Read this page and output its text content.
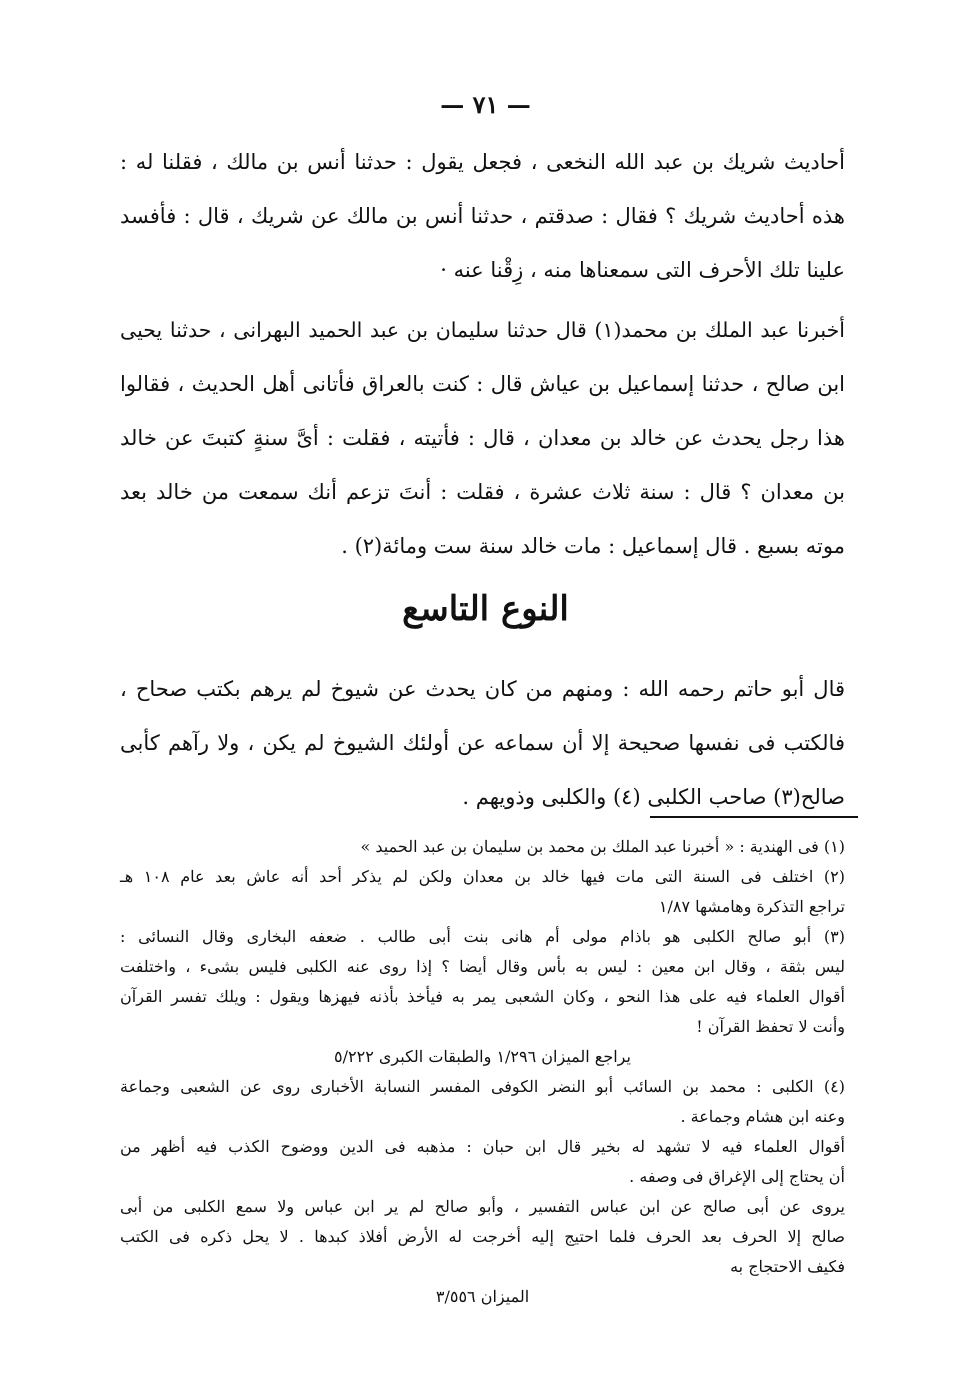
— ٧١ —
أحاديث شريك بن عبد الله النخعى ، فجعل يقول : حدثنا أنس بن مالك ، فقلنا له :
هذه أحاديث شريك ؟ فقال : صدقتم ، حدثنا أنس بن مالك عن شريك ، قال : فأفسد
علينا تلك الأحرف التى سمعناها منه ، زِقْنا عنه ·
أخبرنا عبد الملك بن محمد(١) قال حدثنا سليمان بن عبد الحميد البهرانى ، حدثنا يحيى
ابن صالح ، حدثنا إسماعيل بن عياش قال : كنت بالعراق فأتانى أهل الحديث ، فقالوا
هذا رجل يحدث عن خالد بن معدان ، قال : فأتيته ، فقلت : أىَّ سنةٍ كتبتَ عن خالد
بن معدان ؟ قال : سنة ثلاث عشرة ، فقلت : أنتَ تزعم أنك سمعت من خالد بعد
موته بسبع . قال إسماعيل : مات خالد سنة ست ومائة(٢) .
النوع التاسع
قال أبو حاتم رحمه الله : ومنهم من كان يحدث عن شيوخ لم يرهم بكتب صحاح ،
فالكتب فى نفسها صحيحة إلا أن سماعه عن أولئك الشيوخ لم يكن ، ولا رآهم كأبى
صالح(٣) صاحب الكلبى (٤) والكلبى وذويهم .
(١) فى الهندية : « أخبرنا عبد الملك بن محمد بن سليمان بن عبد الحميد »
(٢) اختلف فى السنة التى مات فيها خالد بن معدان ولكن لم يذكر أحد أنه عاش بعد عام ١٠٨ هـ
تراجع التذكرة وهامشها ١/٨٧
(٣) أبو صالح الكلبى هو باذام مولى أم هانى بنت أبى طالب . ضعفه البخارى وقال النسائى :
ليس بثقة ، وقال ابن معين : ليس به بأس وقال أيضا ؟ إذا روى عنه الكلبى فليس بشىء ، واختلفت
أقوال العلماء فيه على هذا النحو ، وكان الشعبى يمر به فيأخذ بأذنه فيهزها ويقول : ويلك تفسر القرآن
وأنت لا تحفظ القرآن !
يراجع الميزان ١/٢٩٦ والطبقات الكبرى ٥/٢٢٢
(٤) الكلبى : محمد بن السائب أبو النضر الكوفى المفسر النسابة الأخبارى روى عن الشعبى وجماعة
وعنه ابن هشام وجماعة .
أقوال العلماء فيه لا تشهد له بخير قال ابن حبان : مذهبه فى الدين ووضوح الكذب فيه أظهر من
أن يحتاج إلى الإغراق فى وصفه .
يروى عن أبى صالح عن ابن عباس التفسير ، وأبو صالح لم ير ابن عباس ولا سمع الكلبى من أبى
صالح إلا الحرف بعد الحرف فلما احتيج إليه أخرجت له الأرض أفلاذ كبدها . لا يحل ذكره فى الكتب
فكيف الاحتجاج به
الميزان ٣/٥٥٦
